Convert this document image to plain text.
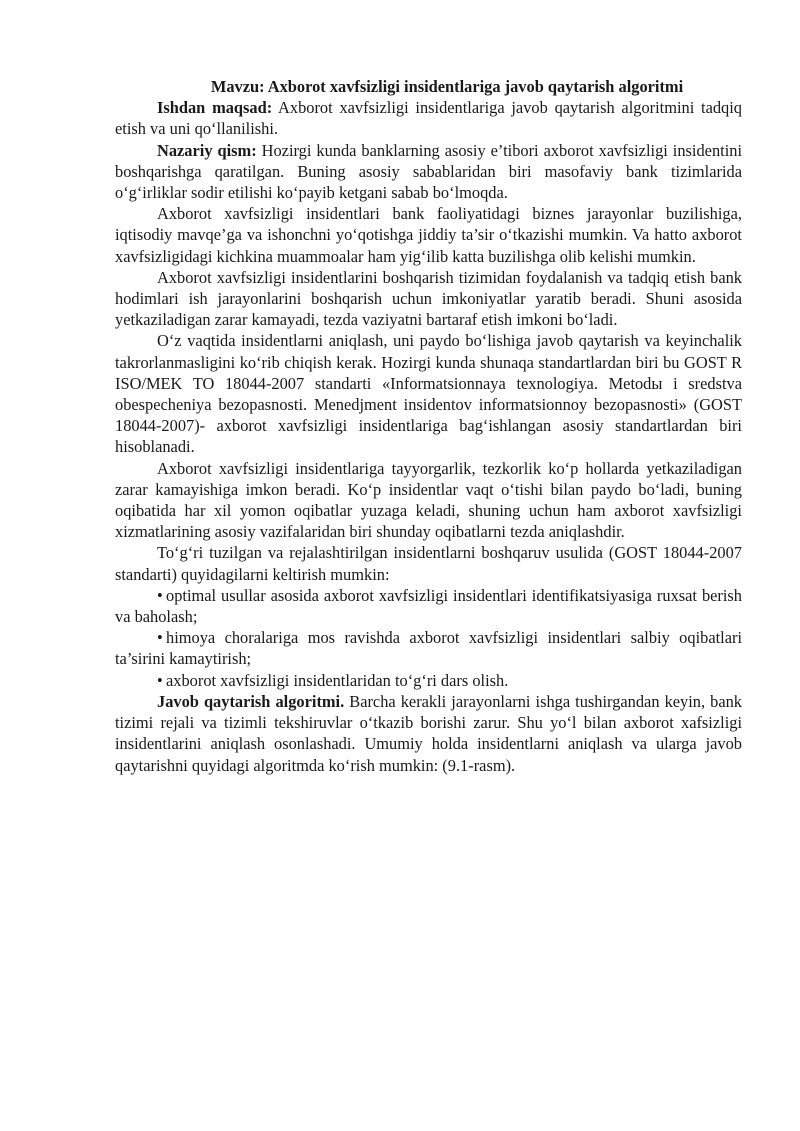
Mavzu: Axborot xavfsizligi insidentlariga javob qaytarish algoritmi

Ishdan maqsad: Axborot xavfsizligi insidentlariga javob qaytarish algoritmini tadqiq etish va uni qo‘llanilishi.

Nazariy qism: Hozirgi kunda banklarning asosiy e’tibori axborot xavfsizligi insidentini boshqarishga qaratilgan. Buning asosiy sabablaridan biri masofaviy bank tizimlarida o‘g‘irliklar sodir etilishi ko‘payib ketgani sabab bo‘lmoqda.

Axborot xavfsizligi insidentlari bank faoliyatidagi biznes jarayonlar buzilishiga, iqtisodiy mavqe’ga va ishonchni yo‘qotishga jiddiy ta’sir o‘tkazishi mumkin. Va hatto axborot xavfsizligidagi kichkina muammoalar ham yig‘ilib katta buzilishga olib kelishi mumkin.

Axborot xavfsizligi insidentlarini boshqarish tizimidan foydalanish va tadqiq etish bank hodimlari ish jarayonlarini boshqarish uchun imkoniyatlar yaratib beradi. Shuni asosida yetkaziladigan zarar kamayadi, tezda vaziyatni bartaraf etish imkoni bo‘ladi.

O‘z vaqtida insidentlarni aniqlash, uni paydo bo‘lishiga javob qaytarish va keyinchalik takrorlanmasligini ko‘rib chiqish kerak. Hozirgi kunda shunaqa standartlardan biri bu GOST R ISO/MEK TO 18044-2007 standarti «Informatsionnaya texnologiya. Metodы i sredstva obespecheniya bezopasnosti. Menedjment insidentov informatsionnoy bezopasnosti» (GOST 18044-2007)- axborot xavfsizligi insidentlariga bag‘ishlangan asosiy standartlardan biri hisoblanadi.

Axborot xavfsizligi insidentlariga tayyorgarlik, tezkorlik ko‘p hollarda yetkaziladigan zarar kamayishiga imkon beradi. Ko‘p insidentlar vaqt o‘tishi bilan paydo bo‘ladi, buning oqibatida har xil yomon oqibatlar yuzaga keladi, shuning uchun ham axborot xavfsizligi xizmatlarining asosiy vazifalaridan biri shunday oqibatlarni tezda aniqlashdir.

To‘g‘ri tuzilgan va rejalashtirilgan insidentlarni boshqaruv usulida (GOST 18044-2007 standarti) quyidagilarni keltirish mumkin:

• optimal usullar asosida axborot xavfsizligi insidentlari identifikatsiyasiga ruxsat berish va baholash;

• himoya choralariga mos ravishda axborot xavfsizligi insidentlari salbiy oqibatlari ta’sirini kamaytirish;

• axborot xavfsizligi insidentlaridan to‘g‘ri dars olish.

Javob qaytarish algoritmi. Barcha kerakli jarayonlarni ishga tushirgandan keyin, bank tizimi rejali va tizimli tekshiruvlar o‘tkazib borishi zarur. Shu yo‘l bilan axborot xafsizligi insidentlarini aniqlash osonlashadi. Umumiy holda insidentlarni aniqlash va ularga javob qaytarishni quyidagi algoritmda ko‘rish mumkin: (9.1-rasm).
